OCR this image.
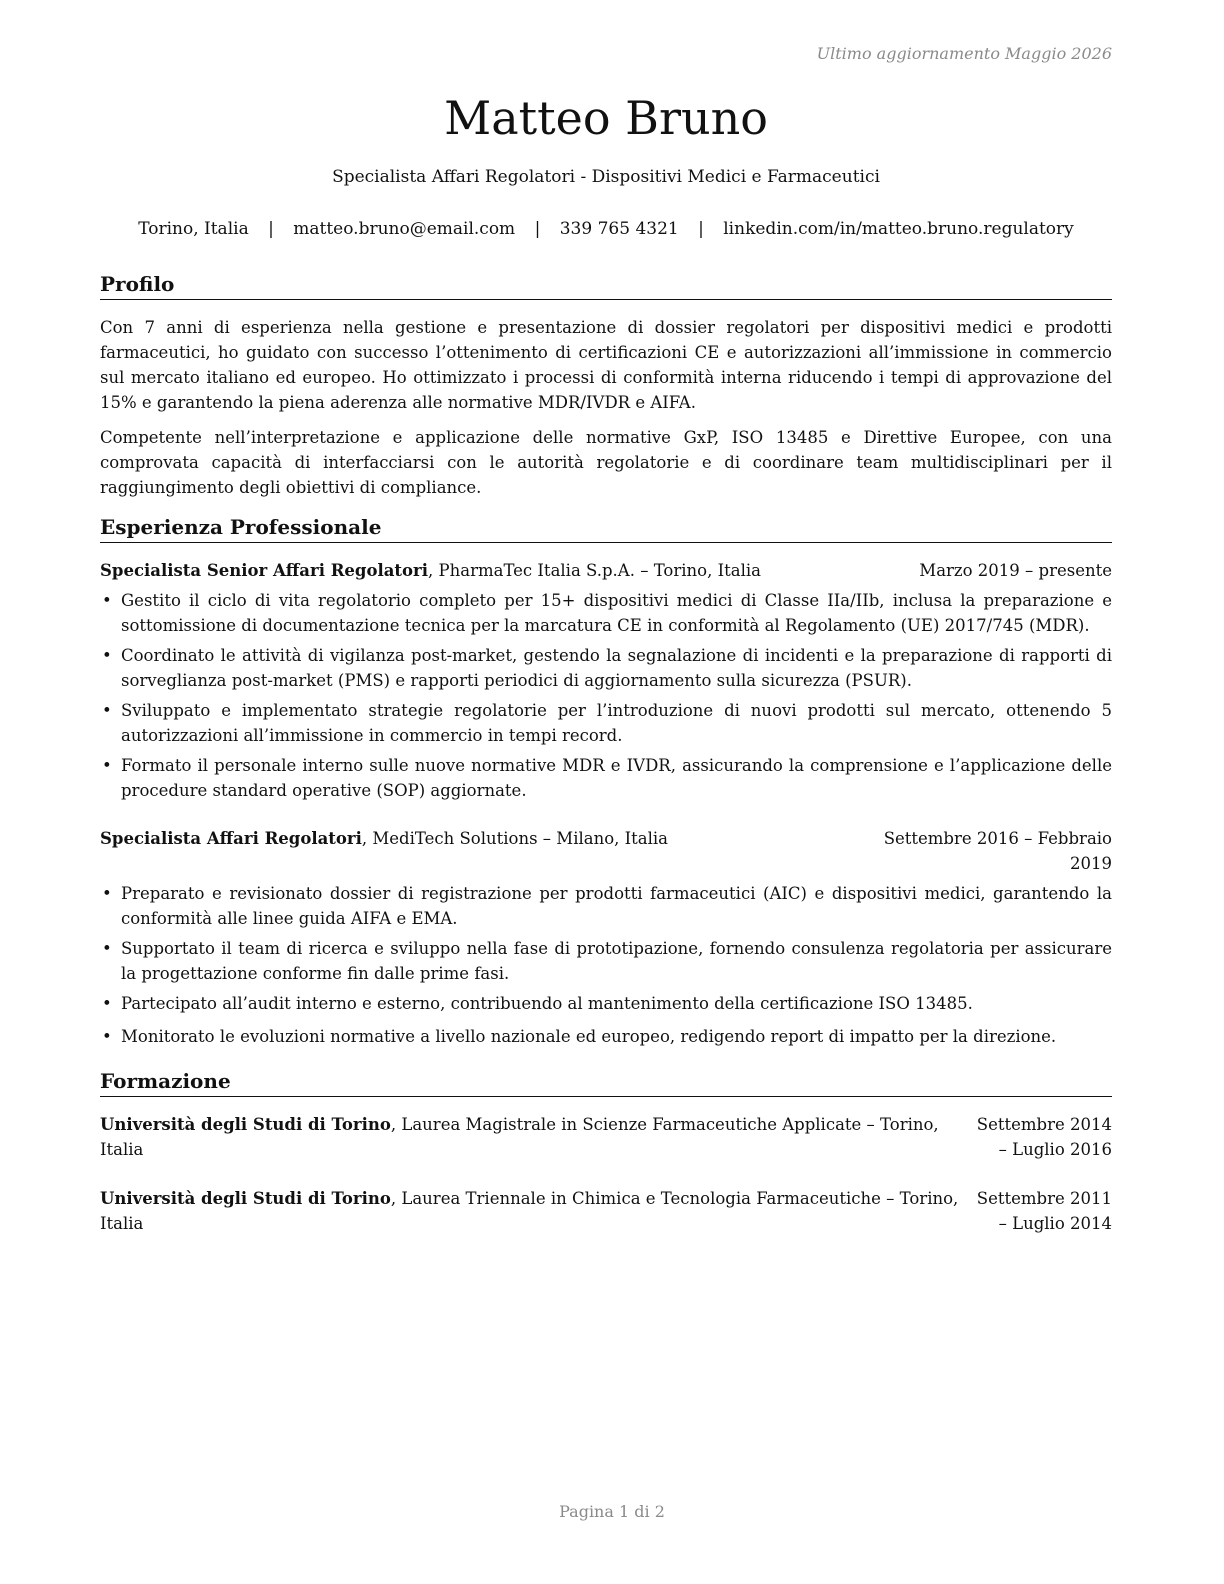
Ultimo aggiornamento Maggio 2026
Matteo Bruno
Specialista Affari Regolatori - Dispositivi Medici e Farmaceutici
Torino, Italia | matteo.bruno@email.com | 339 765 4321 | linkedin.com/in/matteo.bruno.regulatory
Profilo
Con 7 anni di esperienza nella gestione e presentazione di dossier regolatori per dispositivi medici e prodotti farmaceutici, ho guidato con successo l’ottenimento di certificazioni CE e autorizzazioni all’immissione in commercio sul mercato italiano ed europeo. Ho ottimizzato i processi di conformità interna riducendo i tempi di approvazione del 15% e garantendo la piena aderenza alle normative MDR/IVDR e AIFA.
Competente nell’interpretazione e applicazione delle normative GxP, ISO 13485 e Direttive Europee, con una comprovata capacità di interfacciarsi con le autorità regolatorie e di coordinare team multidisciplinari per il raggiungimento degli obiettivi di compliance.
Esperienza Professionale
Specialista Senior Affari Regolatori, PharmaTec Italia S.p.A. – Torino, Italia	Marzo 2019 – presente
• Gestito il ciclo di vita regolatorio completo per 15+ dispositivi medici di Classe IIa/IIb, inclusa la preparazione e sottomissione di documentazione tecnica per la marcatura CE in conformità al Regolamento (UE) 2017/745 (MDR).
• Coordinato le attività di vigilanza post-market, gestendo la segnalazione di incidenti e la preparazione di rapporti di sorveglianza post-market (PMS) e rapporti periodici di aggiornamento sulla sicurezza (PSUR).
• Sviluppato e implementato strategie regolatorie per l’introduzione di nuovi prodotti sul mercato, ottenendo 5 autorizzazioni all’immissione in commercio in tempi record.
• Formato il personale interno sulle nuove normative MDR e IVDR, assicurando la comprensione e l’applicazione delle procedure standard operative (SOP) aggiornate.
Specialista Affari Regolatori, MediTech Solutions – Milano, Italia	Settembre 2016 – Febbraio 2019
• Preparato e revisionato dossier di registrazione per prodotti farmaceutici (AIC) e dispositivi medici, garantendo la conformità alle linee guida AIFA e EMA.
• Supportato il team di ricerca e sviluppo nella fase di prototipazione, fornendo consulenza regolatoria per assicurare la progettazione conforme fin dalle prime fasi.
• Partecipato all’audit interno e esterno, contribuendo al mantenimento della certificazione ISO 13485.
• Monitorato le evoluzioni normative a livello nazionale ed europeo, redigendo report di impatto per la direzione.
Formazione
Università degli Studi di Torino, Laurea Magistrale in Scienze Farmaceutiche Applicate – Torino, Italia
Settembre 2014 – Luglio 2016
Università degli Studi di Torino, Laurea Triennale in Chimica e Tecnologia Farmaceutiche – Torino, Italia
Settembre 2011 – Luglio 2014
Pagina 1 di 2
